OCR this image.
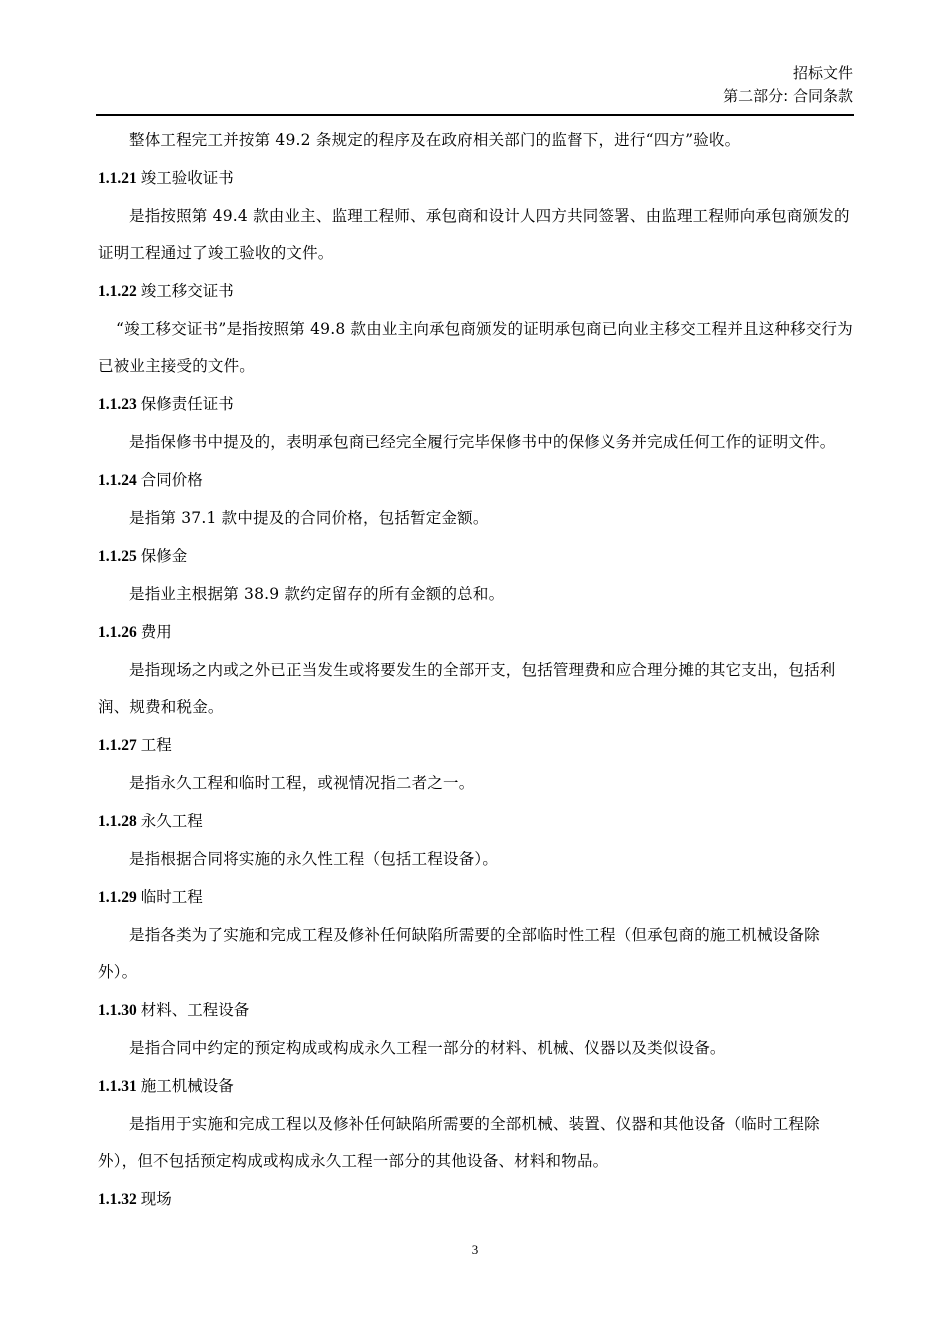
招标文件
第二部分: 合同条款

整体工程完工并按第 49.2 条规定的程序及在政府相关部门的监督下，进行“四方”验收。

1.1.21 竣工验收证书

是指按照第 49.4 款由业主、监理工程师、承包商和设计人四方共同签署、由监理工程师向承包商颁发的证明工程通过了竣工验收的文件。

1.1.22 竣工移交证书

“竣工移交证书”是指按照第 49.8 款由业主向承包商颁发的证明承包商已向业主移交工程并且这种移交行为已被业主接受的文件。

1.1.23 保修责任证书

是指保修书中提及的，表明承包商已经完全履行完毕保修书中的保修义务并完成任何工作的证明文件。

1.1.24 合同价格

是指第 37.1 款中提及的合同价格，包括暂定金额。

1.1.25 保修金

是指业主根据第 38.9 款约定留存的所有金额的总和。

1.1.26 费用

是指现场之内或之外已正当发生或将要发生的全部开支，包括管理费和应合理分摊的其它支出，包括利润、规费和税金。

1.1.27 工程

是指永久工程和临时工程，或视情况指二者之一。

1.1.28 永久工程

是指根据合同将实施的永久性工程（包括工程设备）。

1.1.29 临时工程

是指各类为了实施和完成工程及修补任何缺陷所需要的全部临时性工程（但承包商的施工机械设备除外）。

1.1.30 材料、工程设备

是指合同中约定的预定构成或构成永久工程一部分的材料、机械、仪器以及类似设备。

1.1.31 施工机械设备

是指用于实施和完成工程以及修补任何缺陷所需要的全部机械、装置、仪器和其他设备（临时工程除外），但不包括预定构成或构成永久工程一部分的其他设备、材料和物品。

1.1.32 现场

3
